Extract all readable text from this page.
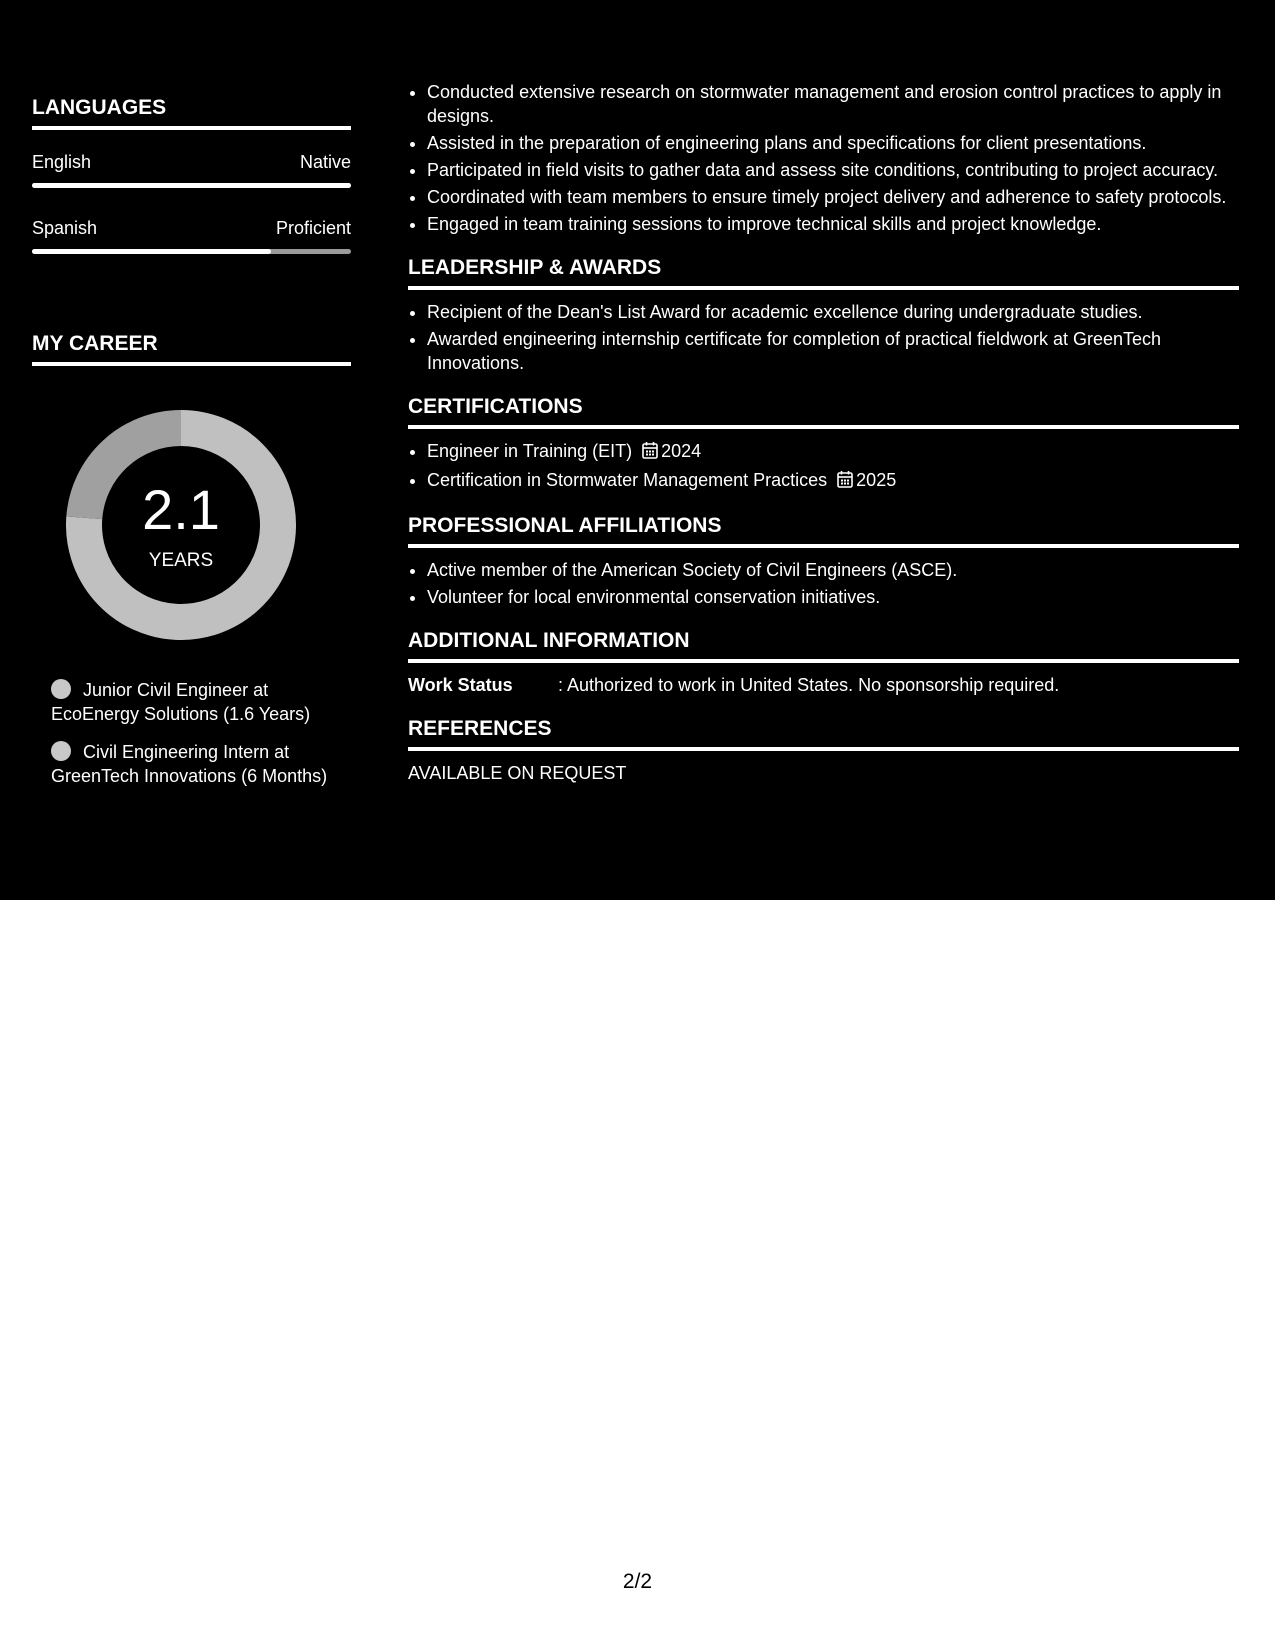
LANGUAGES
English	Native
Spanish	Proficient
MY CAREER
2.1
YEARS
Junior Civil Engineer at EcoEnergy Solutions (1.6 Years)
Civil Engineering Intern at GreenTech Innovations (6 Months)
• Conducted extensive research on stormwater management and erosion control practices to apply in designs.
• Assisted in the preparation of engineering plans and specifications for client presentations.
• Participated in field visits to gather data and assess site conditions, contributing to project accuracy.
• Coordinated with team members to ensure timely project delivery and adherence to safety protocols.
• Engaged in team training sessions to improve technical skills and project knowledge.
LEADERSHIP & AWARDS
• Recipient of the Dean's List Award for academic excellence during undergraduate studies.
• Awarded engineering internship certificate for completion of practical fieldwork at GreenTech Innovations.
CERTIFICATIONS
• Engineer in Training (EIT) 2024
• Certification in Stormwater Management Practices 2025
PROFESSIONAL AFFILIATIONS
• Active member of the American Society of Civil Engineers (ASCE).
• Volunteer for local environmental conservation initiatives.
ADDITIONAL INFORMATION
Work Status	: Authorized to work in United States. No sponsorship required.
REFERENCES
AVAILABLE ON REQUEST
2/2
